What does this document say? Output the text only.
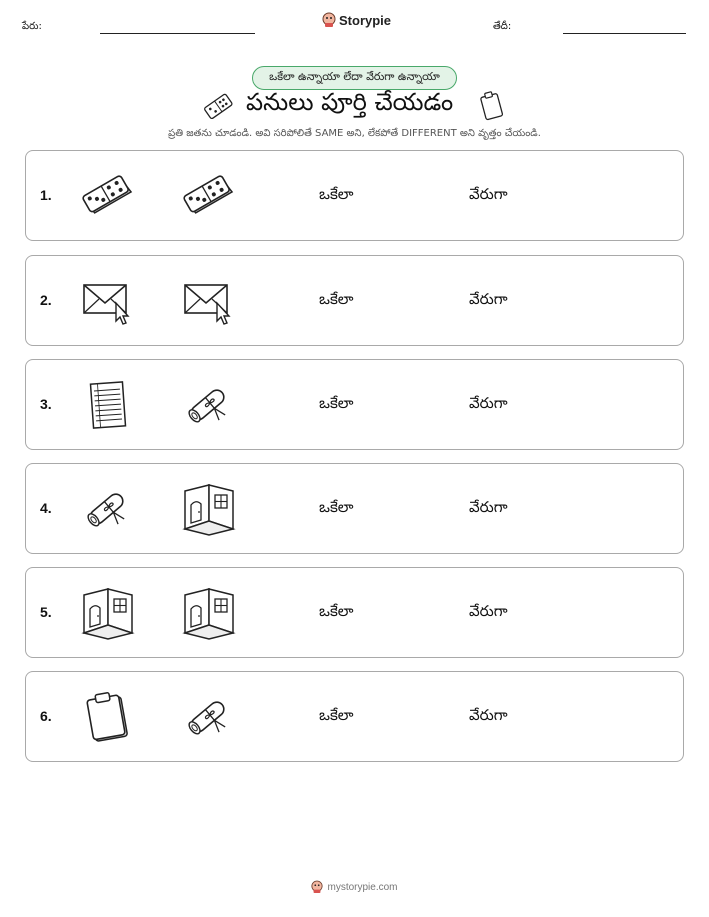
పేరు:	Storypie	తేదీ:
ఒకేలా ఉన్నాయా లేదా వేరుగా ఉన్నాయా
పనులు పూర్తి చేయడం
ప్రతి జతను చూడండి. అవి సరిపోలితే SAME అని, లేకపోతే DIFFERENT అని వృత్తం చేయండి.
1.	ఒకేలా	వేరుగా
2.	ఒకేలా	వేరుగా
3.	ఒకేలా	వేరుగా
4.	ఒకేలా	వేరుగా
5.	ఒకేలా	వేరుగా
6.	ఒకేలా	వేరుగా
mystorypie.com
